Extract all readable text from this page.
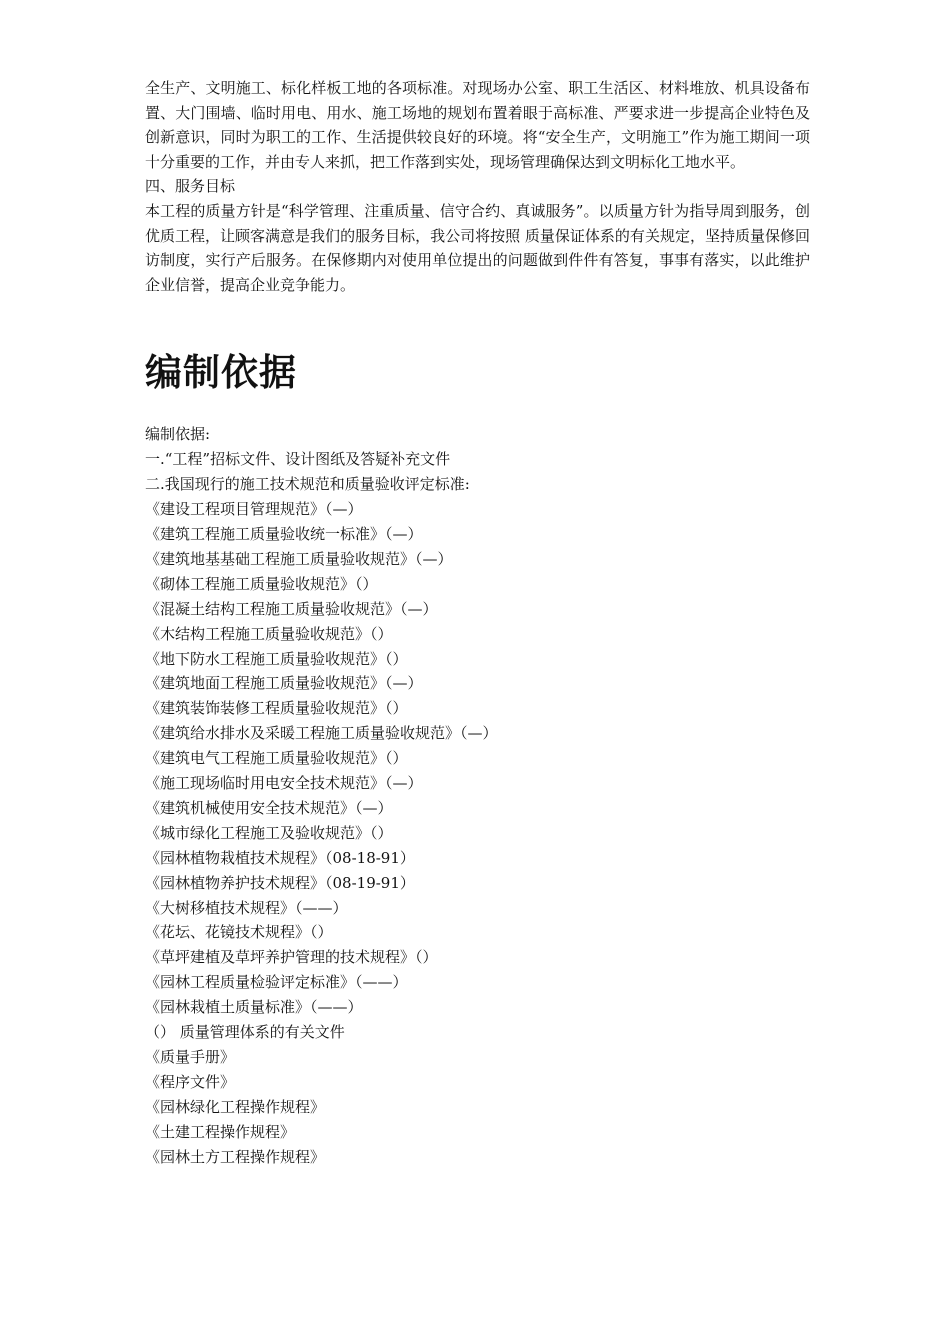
全生产、文明施工、标化样板工地的各项标准。对现场办公室、职工生活区、材料堆放、机具设备布置、大门围墙、临时用电、用水、施工场地的规划布置着眼于高标准、严要求进一步提高企业特色及创新意识，同时为职工的工作、生活提供较良好的环境。将“安全生产，文明施工”作为施工期间一项十分重要的工作，并由专人来抓，把工作落到实处，现场管理确保达到文明标化工地水平。

四、服务目标

本工程的质量方针是“科学管理、注重质量、信守合约、真诚服务”。以质量方针为指导周到服务，创优质工程，让顾客满意是我们的服务目标，我公司将按照 质量保证体系的有关规定，坚持质量保修回访制度，实行产后服务。在保修期内对使用单位提出的问题做到件件有答复，事事有落实，以此维护企业信誉，提高企业竞争能力。

编制依据

编制依据:

一.“工程”招标文件、设计图纸及答疑补充文件

二.我国现行的施工技术规范和质量验收评定标准:

《建设工程项目管理规范》（—）

《建筑工程施工质量验收统一标准》（—）

《建筑地基基础工程施工质量验收规范》（—）

《砌体工程施工质量验收规范》（）

《混凝土结构工程施工质量验收规范》（—）

《木结构工程施工质量验收规范》（）

《地下防水工程施工质量验收规范》（）

《建筑地面工程施工质量验收规范》（—）

《建筑装饰装修工程质量验收规范》（）

《建筑给水排水及采暖工程施工质量验收规范》（—）

《建筑电气工程施工质量验收规范》（）

《施工现场临时用电安全技术规范》（—）

《建筑机械使用安全技术规范》（—）

《城市绿化工程施工及验收规范》（）

《园林植物栽植技术规程》（08-18-91）

《园林植物养护技术规程》（08-19-91）

《大树移植技术规程》（——）

《花坛、花镜技术规程》（）

《草坪建植及草坪养护管理的技术规程》（）

《园林工程质量检验评定标准》（——）

《园林栽植土质量标准》（——）

（） 质量管理体系的有关文件

《质量手册》

《程序文件》

《园林绿化工程操作规程》

《土建工程操作规程》

《园林土方工程操作规程》
